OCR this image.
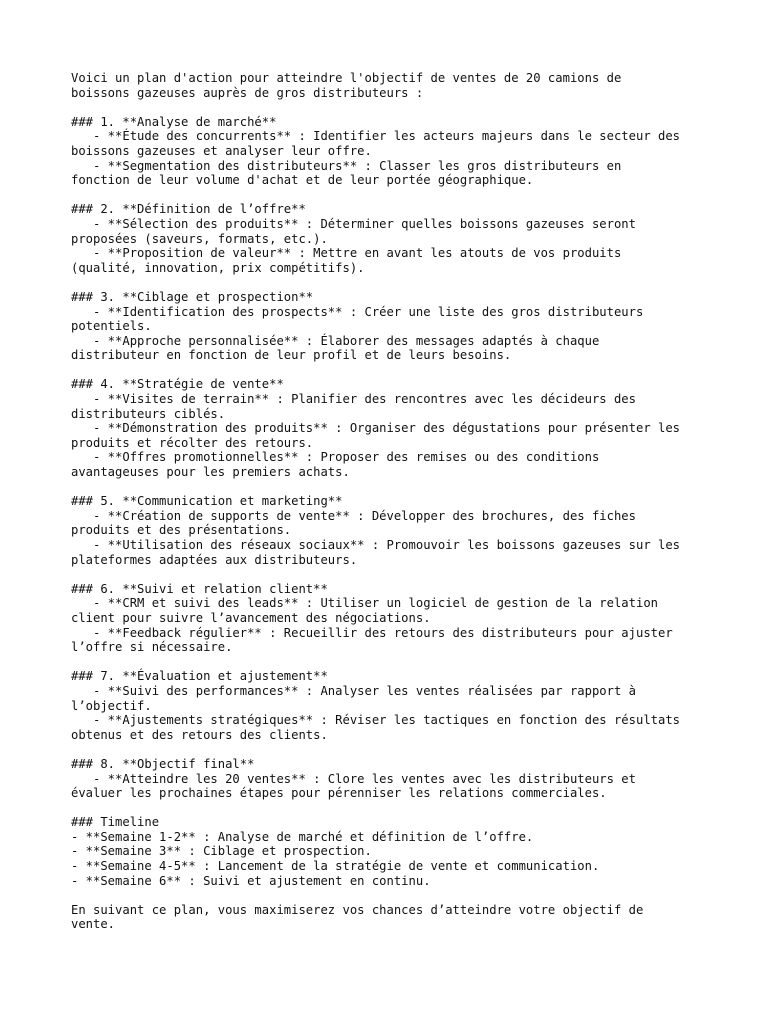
Voici un plan d'action pour atteindre l'objectif de ventes de 20 camions de
boissons gazeuses auprès de gros distributeurs :
### 1. **Analyse de marché**
- **Étude des concurrents** : Identifier les acteurs majeurs dans le secteur des
boissons gazeuses et analyser leur offre.
- **Segmentation des distributeurs** : Classer les gros distributeurs en
fonction de leur volume d'achat et de leur portée géographique.
### 2. **Définition de l’offre**
- **Sélection des produits** : Déterminer quelles boissons gazeuses seront
proposées (saveurs, formats, etc.).
- **Proposition de valeur** : Mettre en avant les atouts de vos produits
(qualité, innovation, prix compétitifs).
### 3. **Ciblage et prospection**
- **Identification des prospects** : Créer une liste des gros distributeurs
potentiels.
- **Approche personnalisée** : Élaborer des messages adaptés à chaque
distributeur en fonction de leur profil et de leurs besoins.
### 4. **Stratégie de vente**
- **Visites de terrain** : Planifier des rencontres avec les décideurs des
distributeurs ciblés.
- **Démonstration des produits** : Organiser des dégustations pour présenter les
produits et récolter des retours.
- **Offres promotionnelles** : Proposer des remises ou des conditions
avantageuses pour les premiers achats.
### 5. **Communication et marketing**
- **Création de supports de vente** : Développer des brochures, des fiches
produits et des présentations.
- **Utilisation des réseaux sociaux** : Promouvoir les boissons gazeuses sur les
plateformes adaptées aux distributeurs.
### 6. **Suivi et relation client**
- **CRM et suivi des leads** : Utiliser un logiciel de gestion de la relation
client pour suivre l’avancement des négociations.
- **Feedback régulier** : Recueillir des retours des distributeurs pour ajuster
l’offre si nécessaire.
### 7. **Évaluation et ajustement**
- **Suivi des performances** : Analyser les ventes réalisées par rapport à
l’objectif.
- **Ajustements stratégiques** : Réviser les tactiques en fonction des résultats
obtenus et des retours des clients.
### 8. **Objectif final**
- **Atteindre les 20 ventes** : Clore les ventes avec les distributeurs et
évaluer les prochaines étapes pour pérenniser les relations commerciales.
### Timeline
- **Semaine 1-2** : Analyse de marché et définition de l’offre.
- **Semaine 3** : Ciblage et prospection.
- **Semaine 4-5** : Lancement de la stratégie de vente et communication.
- **Semaine 6** : Suivi et ajustement en continu.
En suivant ce plan, vous maximiserez vos chances d’atteindre votre objectif de
vente.
